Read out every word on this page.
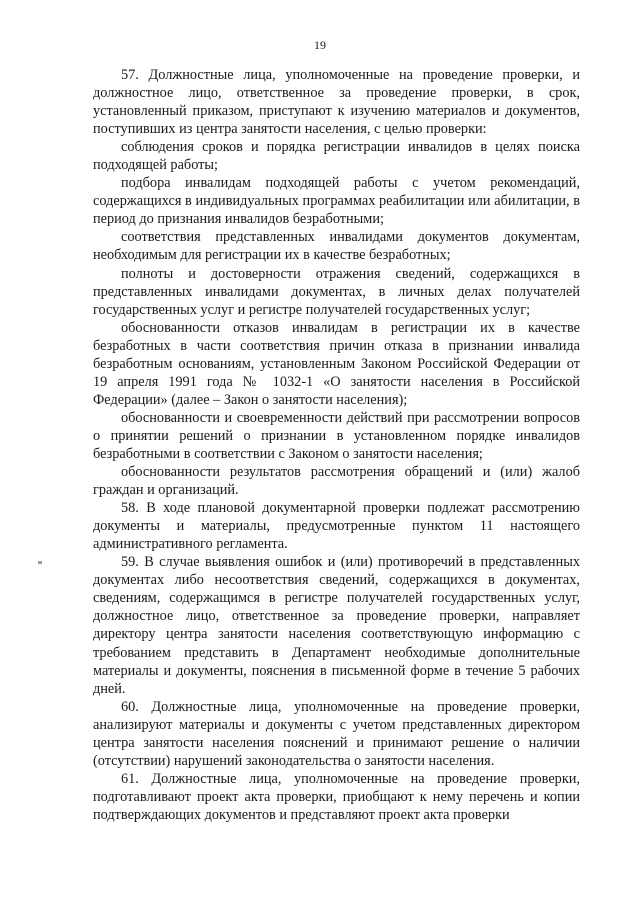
19

57. Должностные лица, уполномоченные на проведение проверки, и должностное лицо, ответственное за проведение проверки, в срок, установленный приказом, приступают к изучению материалов и документов, поступивших из центра занятости населения, с целью проверки:

соблюдения сроков и порядка регистрации инвалидов в целях поиска подходящей работы;

подбора инвалидам подходящей работы с учетом рекомендаций, содержащихся в индивидуальных программах реабилитации или абилитации, в период до признания инвалидов безработными;

соответствия представленных инвалидами документов документам, необходимым для регистрации их в качестве безработных;

полноты и достоверности отражения сведений, содержащихся в представленных инвалидами документах, в личных делах получателей государственных услуг и регистре получателей государственных услуг;

обоснованности отказов инвалидам в регистрации их в качестве безработных в части соответствия причин отказа в признании инвалида безработным основаниям, установленным Законом Российской Федерации от 19 апреля 1991 года № 1032-1 «О занятости населения в Российской Федерации» (далее – Закон о занятости населения);

обоснованности и своевременности действий при рассмотрении вопросов о принятии решений о признании в установленном порядке инвалидов безработными в соответствии с Законом о занятости населения;

обоснованности результатов рассмотрения обращений и (или) жалоб граждан и организаций.

58. В ходе плановой документарной проверки подлежат рассмотрению документы и материалы, предусмотренные пунктом 11 настоящего административного регламента.

59. В случае выявления ошибок и (или) противоречий в представленных документах либо несоответствия сведений, содержащихся в документах, сведениям, содержащимся в регистре получателей государственных услуг, должностное лицо, ответственное за проведение проверки, направляет директору центра занятости населения соответствующую информацию с требованием представить в Департамент необходимые дополнительные материалы и документы, пояснения в письменной форме в течение 5 рабочих дней.

60. Должностные лица, уполномоченные на проведение проверки, анализируют материалы и документы с учетом представленных директором центра занятости населения пояснений и принимают решение о наличии (отсутствии) нарушений законодательства о занятости населения.

61. Должностные лица, уполномоченные на проведение проверки, подготавливают проект акта проверки, приобщают к нему перечень и копии подтверждающих документов и представляют проект акта проверки
